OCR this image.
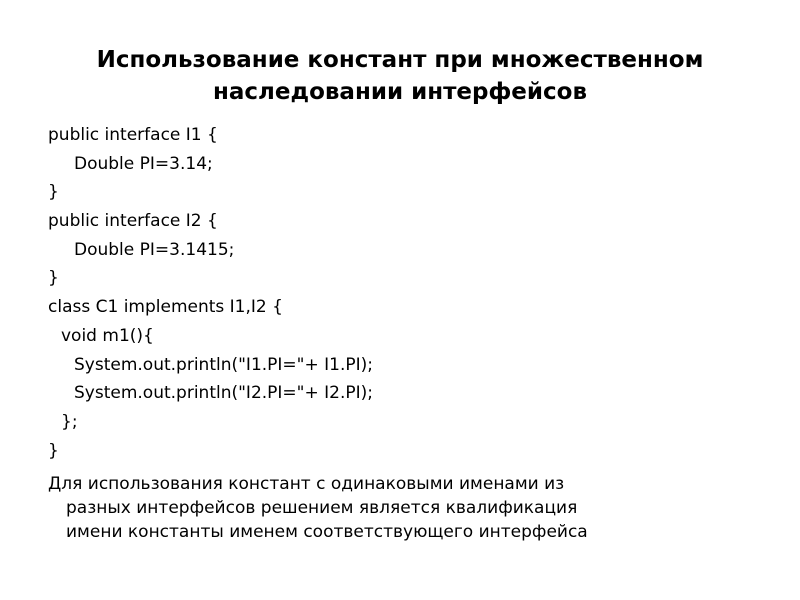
Использование констант при множественном
наследовании интерфейсов
public interface I1 {
Double PI=3.14;
}
public interface I2 {
Double PI=3.1415;
}
class C1 implements I1,I2 {
void m1(){
System.out.println("I1.PI="+ I1.PI);
System.out.println("I2.PI="+ I2.PI);
};
}

Для использования констант с одинаковыми именами из
разных интерфейсов решением является квалификация
имени константы именем соответствующего интерфейса
